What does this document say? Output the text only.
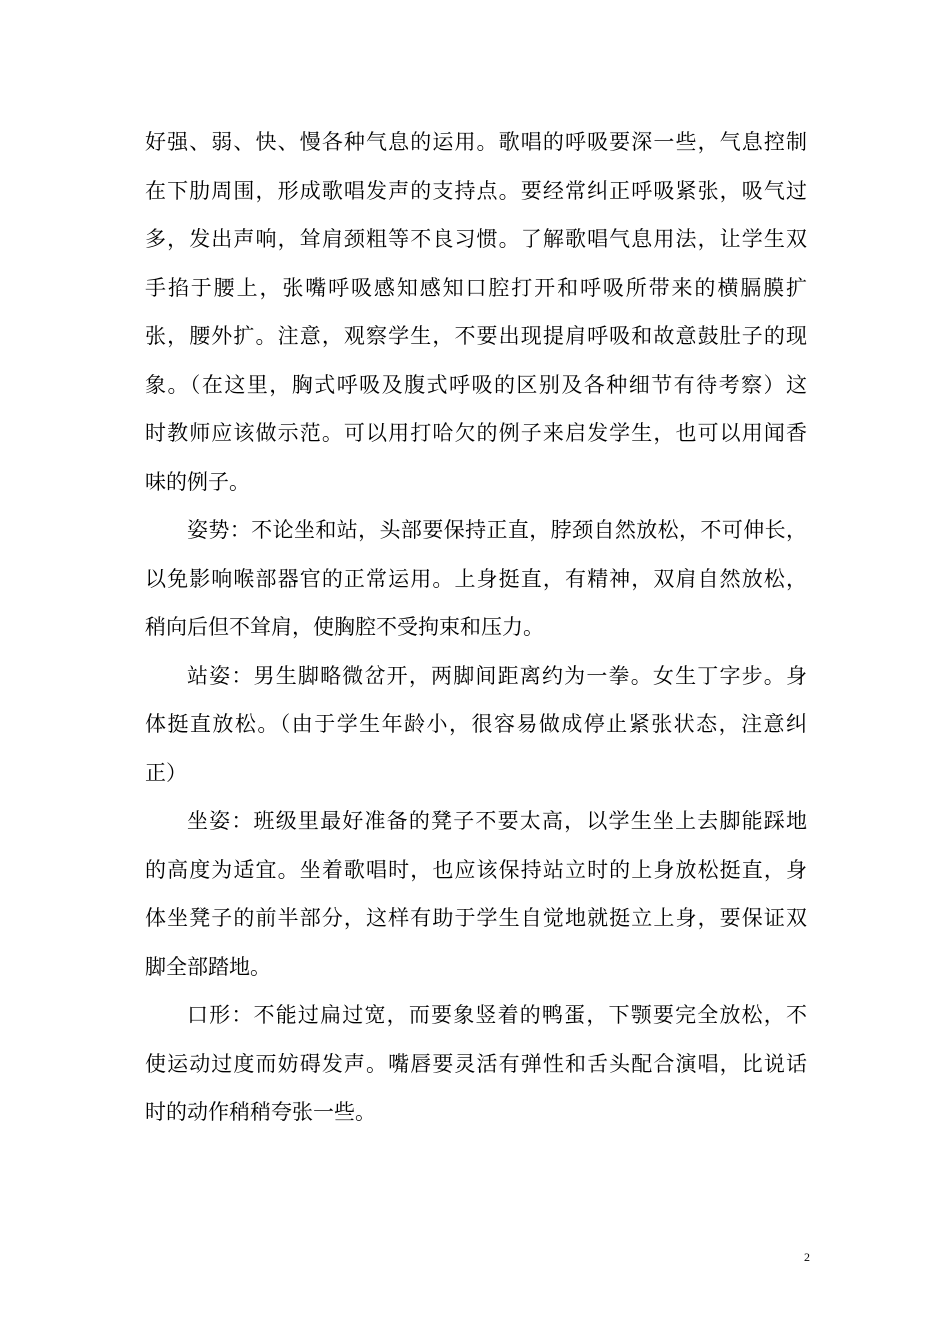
好强、弱、快、慢各种气息的运用。歌唱的呼吸要深一些，气息控制
在下肋周围，形成歌唱发声的支持点。要经常纠正呼吸紧张，吸气过
多，发出声响，耸肩颈粗等不良习惯。了解歌唱气息用法，让学生双
手掐于腰上，张嘴呼吸感知感知口腔打开和呼吸所带来的横膈膜扩
张，腰外扩。注意，观察学生，不要出现提肩呼吸和故意鼓肚子的现
象。（在这里，胸式呼吸及腹式呼吸的区别及各种细节有待考察）这
时教师应该做示范。可以用打哈欠的例子来启发学生，也可以用闻香
味的例子。
姿势：不论坐和站，头部要保持正直，脖颈自然放松，不可伸长，
以免影响喉部器官的正常运用。上身挺直，有精神，双肩自然放松，
稍向后但不耸肩，使胸腔不受拘束和压力。
站姿：男生脚略微岔开，两脚间距离约为一拳。女生丁字步。身
体挺直放松。（由于学生年龄小，很容易做成停止紧张状态，注意纠
正）
坐姿：班级里最好准备的凳子不要太高，以学生坐上去脚能踩地
的高度为适宜。坐着歌唱时，也应该保持站立时的上身放松挺直，身
体坐凳子的前半部分，这样有助于学生自觉地就挺立上身，要保证双
脚全部踏地。
口形：不能过扁过宽，而要象竖着的鸭蛋，下颚要完全放松，不
使运动过度而妨碍发声。嘴唇要灵活有弹性和舌头配合演唱，比说话
时的动作稍稍夸张一些。
2
